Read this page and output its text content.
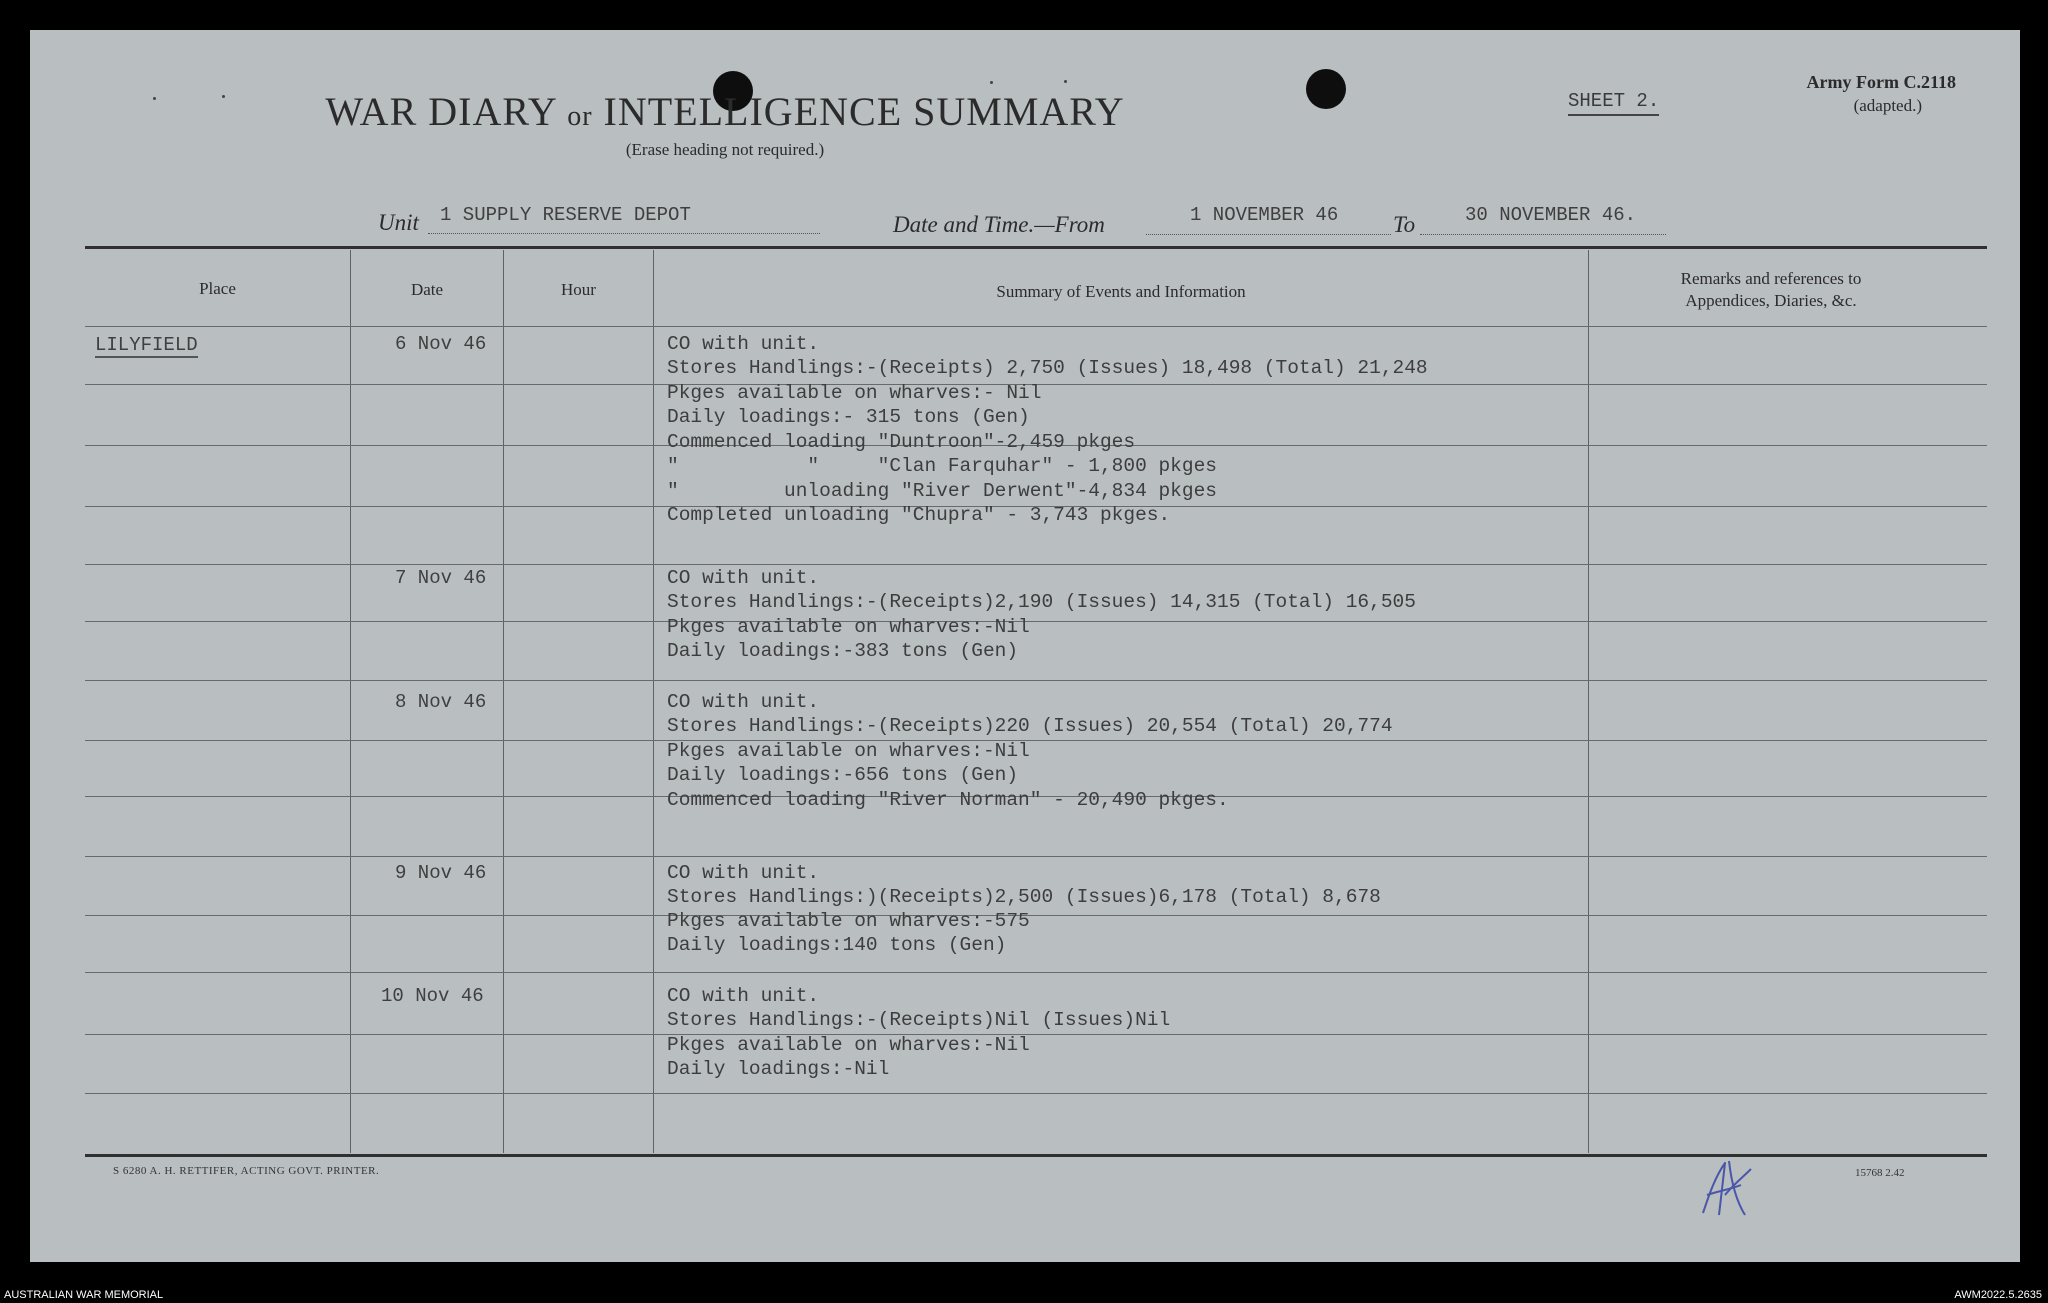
WAR DIARY or INTELLIGENCE SUMMARY
(Erase heading not required.)
SHEET 2.
Army Form C.2118
(adapted.)
Unit 1 SUPPLY RESERVE DEPOT	Date and Time.—From	1 NOVEMBER 46 To	30 NOVEMBER 46.
Place	Date	Hour	Summary of Events and Information
Remarks and references to
Appendices, Diaries, &c.
LILYFIELD	6 Nov 46	CO with unit.
Stores Handlings:-(Receipts) 2,750 (Issues) 18,498 (Total) 21,248
Pkges available on wharves:- Nil
Daily loadings:- 315 tons (Gen)
Commenced loading "Duntroon"-2,459 pkges
"           "     "Clan Farquhar" - 1,800 pkges
"         unloading "River Derwent"-4,834 pkges
Completed unloading "Chupra" - 3,743 pkges.
7 Nov 46	CO with unit.
Stores Handlings:-(Receipts)2,190 (Issues) 14,315 (Total) 16,505
Pkges available on wharves:-Nil
Daily loadings:-383 tons (Gen)
8 Nov 46	CO with unit.
Stores Handlings:-(Receipts)220 (Issues) 20,554 (Total) 20,774
Pkges available on wharves:-Nil
Daily loadings:-656 tons (Gen)
Commenced loading "River Norman" - 20,490 pkges.
9 Nov 46	CO with unit.
Stores Handlings:)(Receipts)2,500 (Issues)6,178 (Total) 8,678
Pkges available on wharves:-575
Daily loadings:140 tons (Gen)
10 Nov 46	CO with unit.
Stores Handlings:-(Receipts)Nil (Issues)Nil
Pkges available on wharves:-Nil
Daily loadings:-Nil
S 6280 A. H. RETTIFER, ACTING GOVT. PRINTER.	15768 2.42
AUSTRALIAN WAR MEMORIAL	AWM2022.5.2635
